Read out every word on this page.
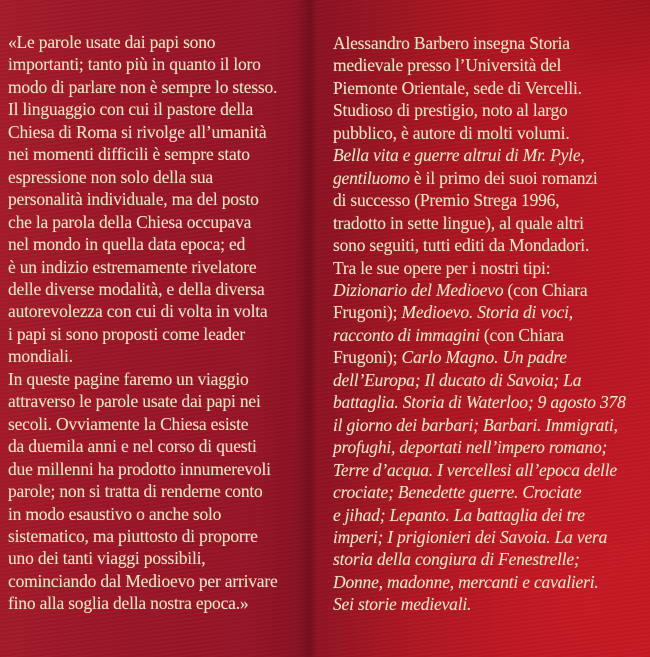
«Le parole usate dai papi sono
importanti; tanto più in quanto il loro
modo di parlare non è sempre lo stesso.
Il linguaggio con cui il pastore della
Chiesa di Roma si rivolge all’umanità
nei momenti difficili è sempre stato
espressione non solo della sua
personalità individuale, ma del posto
che la parola della Chiesa occupava
nel mondo in quella data epoca; ed
è un indizio estremamente rivelatore
delle diverse modalità, e della diversa
autorevolezza con cui di volta in volta
i papi si sono proposti come leader
mondiali.
In queste pagine faremo un viaggio
attraverso le parole usate dai papi nei
secoli. Ovviamente la Chiesa esiste
da duemila anni e nel corso di questi
due millenni ha prodotto innumerevoli
parole; non si tratta di renderne conto
in modo esaustivo o anche solo
sistematico, ma piuttosto di proporre
uno dei tanti viaggi possibili,
cominciando dal Medioevo per arrivare
fino alla soglia della nostra epoca.»
Alessandro Barbero insegna Storia
medievale presso l’Università del
Piemonte Orientale, sede di Vercelli.
Studioso di prestigio, noto al largo
pubblico, è autore di molti volumi.
Bella vita e guerre altrui di Mr. Pyle,
gentiluomo è il primo dei suoi romanzi
di successo (Premio Strega 1996,
tradotto in sette lingue), al quale altri
sono seguiti, tutti editi da Mondadori.
Tra le sue opere per i nostri tipi:
Dizionario del Medioevo (con Chiara
Frugoni); Medioevo. Storia di voci,
racconto di immagini (con Chiara
Frugoni); Carlo Magno. Un padre
dell’Europa; Il ducato di Savoia; La
battaglia. Storia di Waterloo; 9 agosto 378
il giorno dei barbari; Barbari. Immigrati,
profughi, deportati nell’impero romano;
Terre d’acqua. I vercellesi all’epoca delle
crociate; Benedette guerre. Crociate
e jihad; Lepanto. La battaglia dei tre
imperi; I prigionieri dei Savoia. La vera
storia della congiura di Fenestrelle;
Donne, madonne, mercanti e cavalieri.
Sei storie medievali.
